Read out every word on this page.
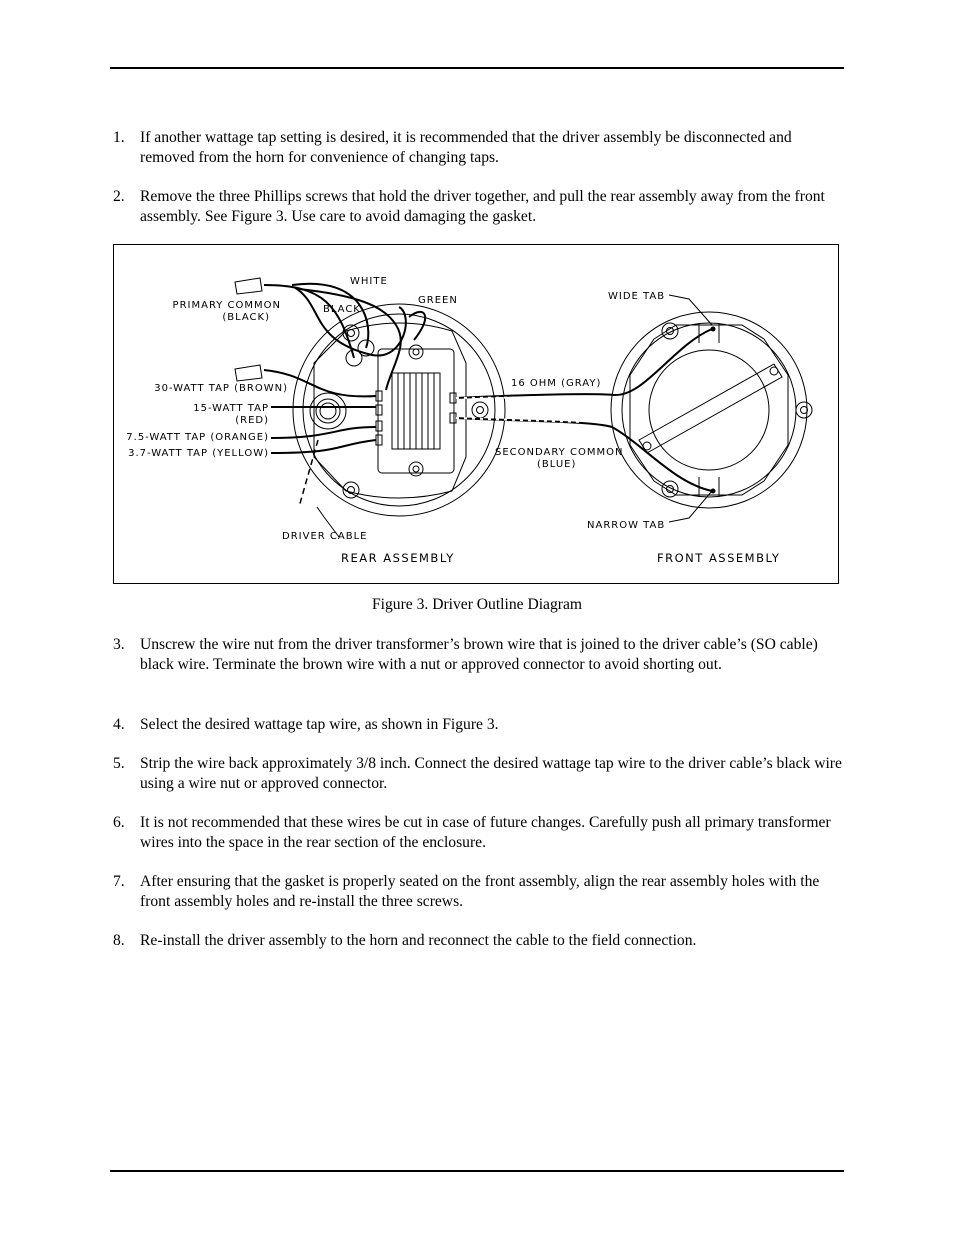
1. If another wattage tap setting is desired, it is recommended that the driver assembly be disconnected and removed from the horn for convenience of changing taps.
2. Remove the three Phillips screws that hold the driver together, and pull the rear assembly away from the front assembly. See Figure 3. Use care to avoid damaging the gasket.
WHITE
BLACK
GREEN
PRIMARY COMMON
(BLACK)
30-WATT TAP (BROWN)
15-WATT TAP
(RED)
7.5-WATT TAP (ORANGE)
3.7-WATT TAP (YELLOW)
DRIVER CABLE
REAR ASSEMBLY
16 OHM (GRAY)
SECONDARY COMMON
(BLUE)
WIDE TAB
NARROW TAB
FRONT ASSEMBLY
Figure 3. Driver Outline Diagram
3. Unscrew the wire nut from the driver transformer’s brown wire that is joined to the driver cable’s (SO cable) black wire. Terminate the brown wire with a nut or approved connector to avoid shorting out.
4. Select the desired wattage tap wire, as shown in Figure 3.
5. Strip the wire back approximately 3/8 inch. Connect the desired wattage tap wire to the driver cable’s black wire using a wire nut or approved connector.
6. It is not recommended that these wires be cut in case of future changes. Carefully push all primary transformer wires into the space in the rear section of the enclosure.
7. After ensuring that the gasket is properly seated on the front assembly, align the rear assembly holes with the front assembly holes and re-install the three screws.
8. Re-install the driver assembly to the horn and reconnect the cable to the field connection.
